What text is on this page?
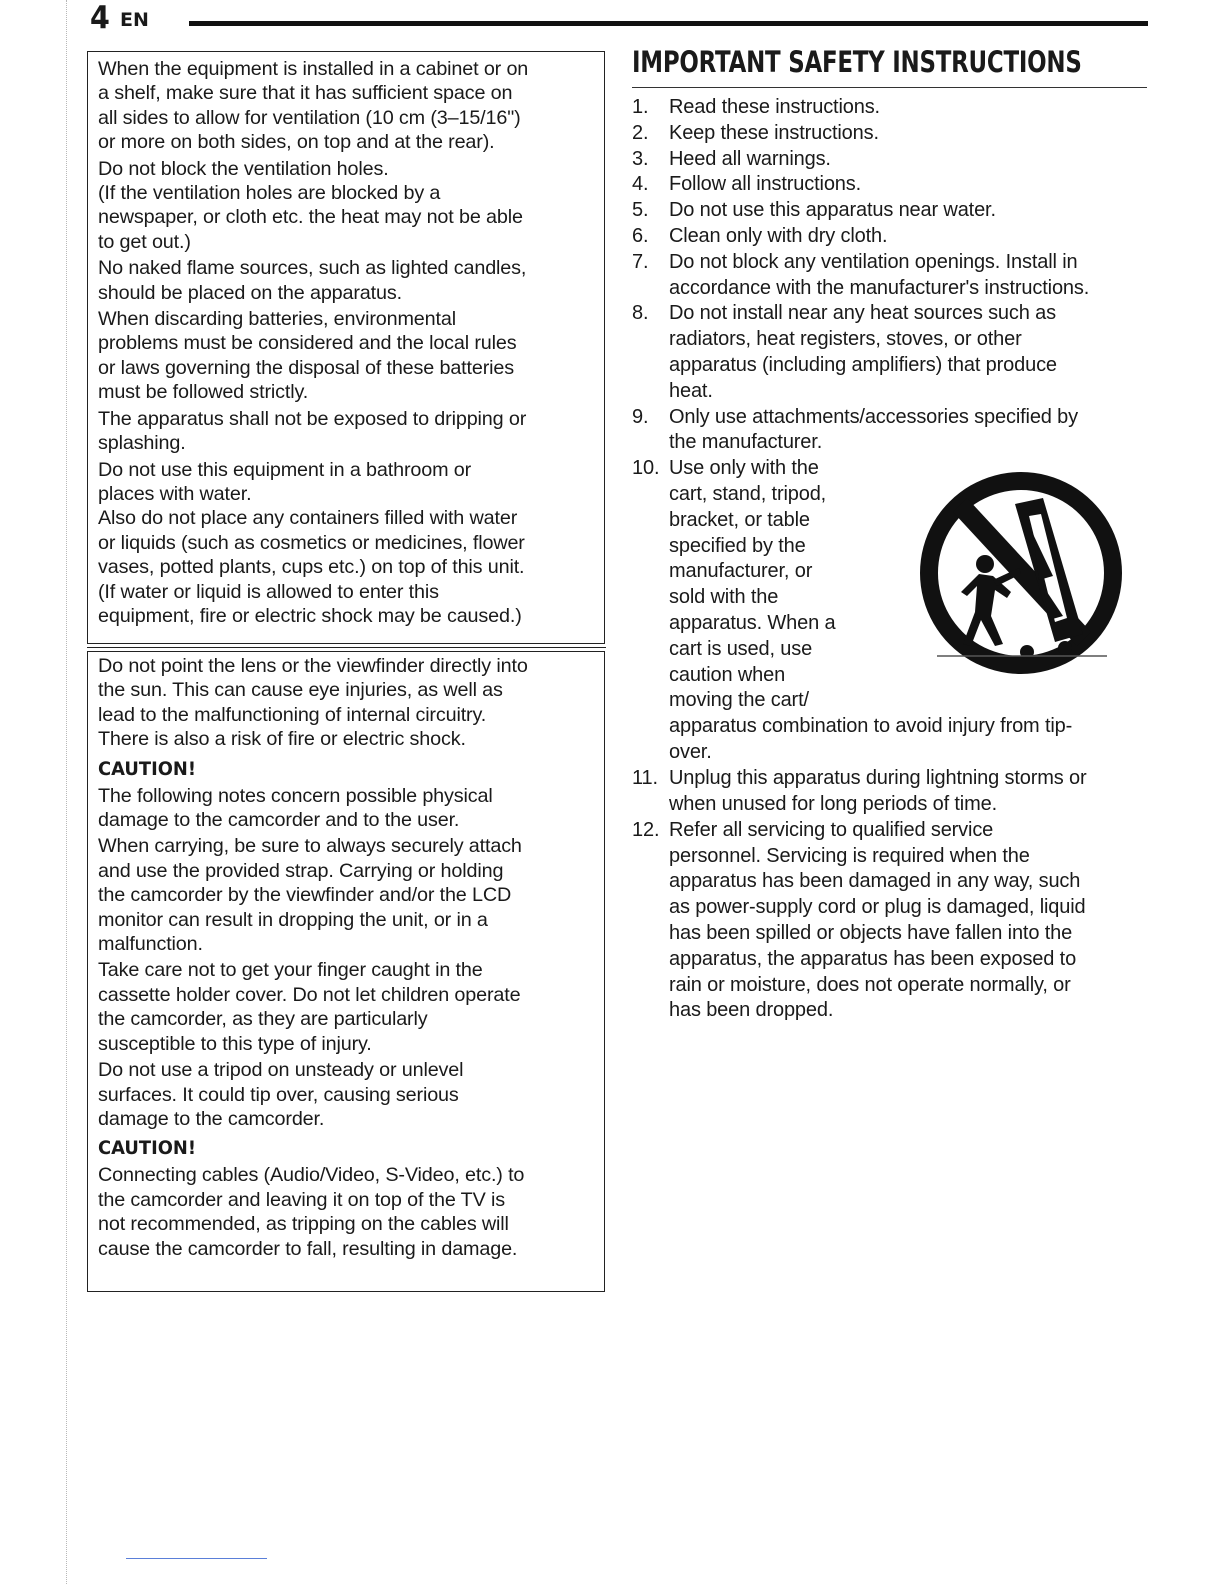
4 EN

When the equipment is installed in a cabinet or on
a shelf, make sure that it has sufficient space on
all sides to allow for ventilation (10 cm (3–15/16")
or more on both sides, on top and at the rear).

Do not block the ventilation holes.
(If the ventilation holes are blocked by a
newspaper, or cloth etc. the heat may not be able
to get out.)

No naked flame sources, such as lighted candles,
should be placed on the apparatus.

When discarding batteries, environmental
problems must be considered and the local rules
or laws governing the disposal of these batteries
must be followed strictly.

The apparatus shall not be exposed to dripping or
splashing.

Do not use this equipment in a bathroom or
places with water.
Also do not place any containers filled with water
or liquids (such as cosmetics or medicines, flower
vases, potted plants, cups etc.) on top of this unit.
(If water or liquid is allowed to enter this
equipment, fire or electric shock may be caused.)

Do not point the lens or the viewfinder directly into
the sun. This can cause eye injuries, as well as
lead to the malfunctioning of internal circuitry.
There is also a risk of fire or electric shock.

CAUTION!

The following notes concern possible physical
damage to the camcorder and to the user.

When carrying, be sure to always securely attach
and use the provided strap. Carrying or holding
the camcorder by the viewfinder and/or the LCD
monitor can result in dropping the unit, or in a
malfunction.

Take care not to get your finger caught in the
cassette holder cover. Do not let children operate
the camcorder, as they are particularly
susceptible to this type of injury.

Do not use a tripod on unsteady or unlevel
surfaces. It could tip over, causing serious
damage to the camcorder.

CAUTION!

Connecting cables (Audio/Video, S-Video, etc.) to
the camcorder and leaving it on top of the TV is
not recommended, as tripping on the cables will
cause the camcorder to fall, resulting in damage.

IMPORTANT SAFETY INSTRUCTIONS
1. Read these instructions.
2. Keep these instructions.
3. Heed all warnings.
4. Follow all instructions.
5. Do not use this apparatus near water.
6. Clean only with dry cloth.
7. Do not block any ventilation openings. Install in
accordance with the manufacturer's instructions.
8. Do not install near any heat sources such as
radiators, heat registers, stoves, or other
apparatus (including amplifiers) that produce
heat.
9. Only use attachments/accessories specified by
the manufacturer.
10. Use only with the
cart, stand, tripod,
bracket, or table
specified by the
manufacturer, or
sold with the
apparatus. When a
cart is used, use
caution when
moving the cart/
apparatus combination to avoid injury from tip-
over.
11. Unplug this apparatus during lightning storms or
when unused for long periods of time.
12. Refer all servicing to qualified service
personnel. Servicing is required when the
apparatus has been damaged in any way, such
as power-supply cord or plug is damaged, liquid
has been spilled or objects have fallen into the
apparatus, the apparatus has been exposed to
rain or moisture, does not operate normally, or
has been dropped.
